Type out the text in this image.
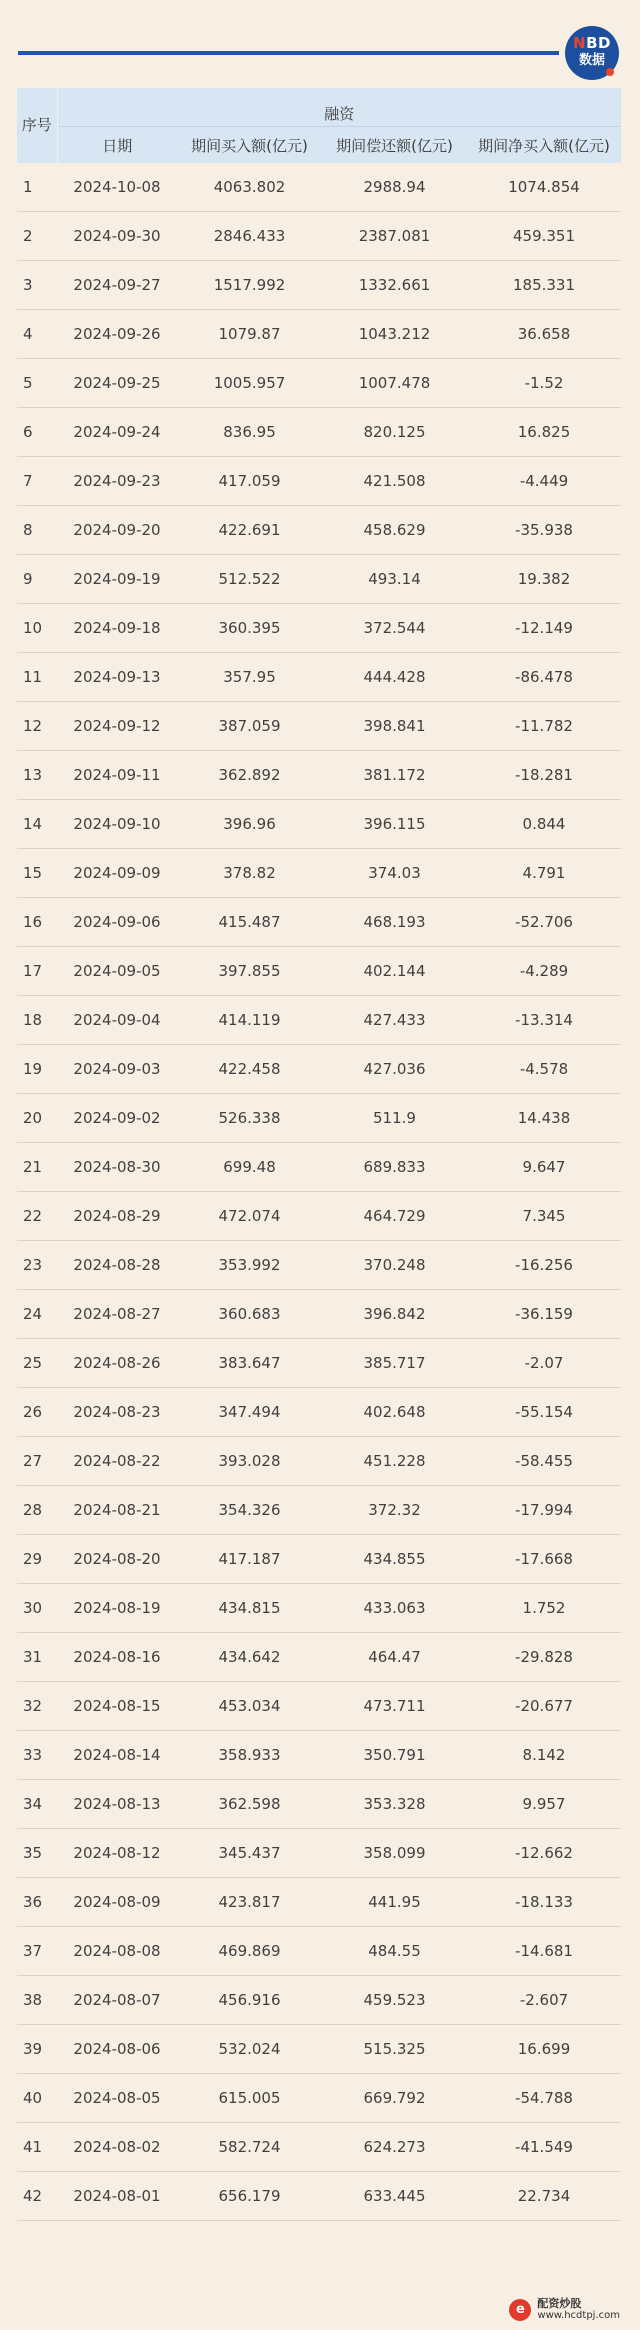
NBD
数据
序号	融资			
	日期	期间买入额(亿元)	期间偿还额(亿元)	期间净买入额(亿元)
1	2024-10-08	4063.802	2988.94	1074.854
2	2024-09-30	2846.433	2387.081	459.351
3	2024-09-27	1517.992	1332.661	185.331
4	2024-09-26	1079.87	1043.212	36.658
5	2024-09-25	1005.957	1007.478	-1.52
6	2024-09-24	836.95	820.125	16.825
7	2024-09-23	417.059	421.508	-4.449
8	2024-09-20	422.691	458.629	-35.938
9	2024-09-19	512.522	493.14	19.382
10	2024-09-18	360.395	372.544	-12.149
11	2024-09-13	357.95	444.428	-86.478
12	2024-09-12	387.059	398.841	-11.782
13	2024-09-11	362.892	381.172	-18.281
14	2024-09-10	396.96	396.115	0.844
15	2024-09-09	378.82	374.03	4.791
16	2024-09-06	415.487	468.193	-52.706
17	2024-09-05	397.855	402.144	-4.289
18	2024-09-04	414.119	427.433	-13.314
19	2024-09-03	422.458	427.036	-4.578
20	2024-09-02	526.338	511.9	14.438
21	2024-08-30	699.48	689.833	9.647
22	2024-08-29	472.074	464.729	7.345
23	2024-08-28	353.992	370.248	-16.256
24	2024-08-27	360.683	396.842	-36.159
25	2024-08-26	383.647	385.717	-2.07
26	2024-08-23	347.494	402.648	-55.154
27	2024-08-22	393.028	451.228	-58.455
28	2024-08-21	354.326	372.32	-17.994
29	2024-08-20	417.187	434.855	-17.668
30	2024-08-19	434.815	433.063	1.752
31	2024-08-16	434.642	464.47	-29.828
32	2024-08-15	453.034	473.711	-20.677
33	2024-08-14	358.933	350.791	8.142
34	2024-08-13	362.598	353.328	9.957
35	2024-08-12	345.437	358.099	-12.662
36	2024-08-09	423.817	441.95	-18.133
37	2024-08-08	469.869	484.55	-14.681
38	2024-08-07	456.916	459.523	-2.607
39	2024-08-06	532.024	515.325	16.699
40	2024-08-05	615.005	669.792	-54.788
41	2024-08-02	582.724	624.273	-41.549
42	2024-08-01	656.179	633.445	22.734
e	配资炒股
www.hcdtpj.com
